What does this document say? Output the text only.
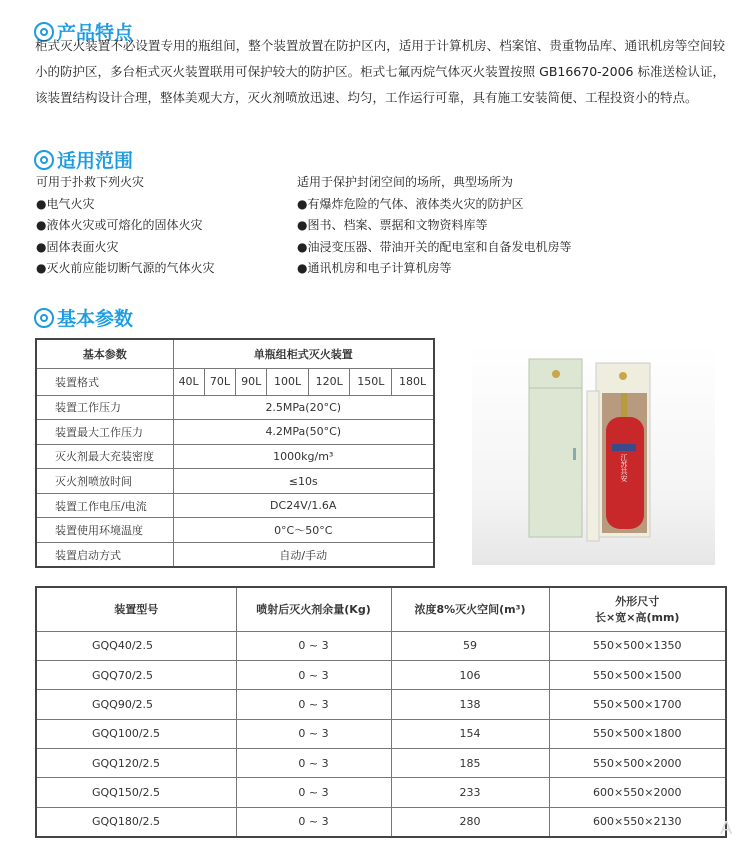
产品特点

柜式灭火装置不必设置专用的瓶组间，整个装置放置在防护区内，适用于计算机房、档案馆、贵重物品库、通讯机房等空间较小的防护区，多台柜式灭火装置联用可保护较大的防护区。柜式七氟丙烷气体灭火装置按照 GB16670-2006 标准送检认证，该装置结构设计合理，整体美观大方，灭火剂喷放迅速、均匀，工作运行可靠，具有施工安装简便、工程投资小的特点。

适用范围
可用于扑救下列火灾
●电气火灾
●液体火灾或可熔化的固体火灾
●固体表面火灾
●灭火前应能切断气源的气体火灾
适用于保护封闭空间的场所，典型场所为
●有爆炸危险的气体、液体类火灾的防护区
●图书、档案、票据和文物资料库等
●油浸变压器、带油开关的配电室和自备发电机房等
●通讯机房和电子计算机房等
基本参数
基本参数	单瓶组柜式灭火装置						
装置格式	40L	70L	90L	100L	120L	150L	180L
装置工作压力	2.5MPa(20°C)						
装置最大工作压力	4.2MPa(50°C)						
灭火剂最大充装密度	1000kg/m³						
灭火剂喷放时间	≤10s						
装置工作电压/电流	DC24V/1.6A						
装置使用环境温度	0°C～50°C						
装置启动方式	自动/手动						
江苏共安
装置型号	喷射后灭火剂余量(Kg)	浓度8%灭火空间(m³)	外形尺寸
长×宽×高(mm)
GQQ40/2.5	0 ~ 3	59	550×500×1350
GQQ70/2.5	0 ~ 3	106	550×500×1500
GQQ90/2.5	0 ~ 3	138	550×500×1700
GQQ100/2.5	0 ~ 3	154	550×500×1800
GQQ120/2.5	0 ~ 3	185	550×500×2000
GQQ150/2.5	0 ~ 3	233	600×550×2000
GQQ180/2.5	0 ~ 3	280	600×550×2130 A
